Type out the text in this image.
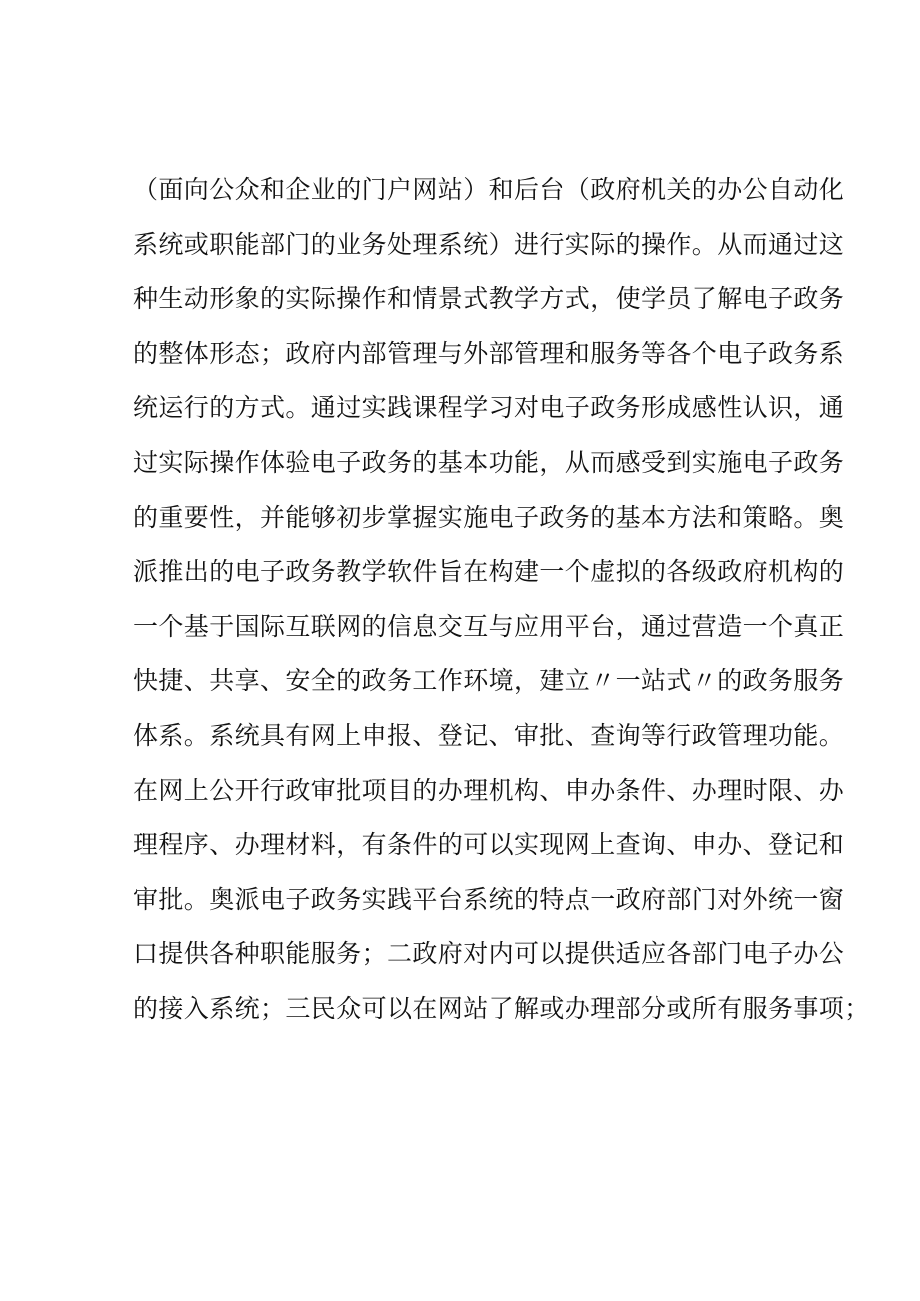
（面向公众和企业的门户网站）和后台（政府机关的办公自动化
系统或职能部门的业务处理系统）进行实际的操作。从而通过这
种生动形象的实际操作和情景式教学方式，使学员了解电子政务
的整体形态；政府内部管理与外部管理和服务等各个电子政务系
统运行的方式。通过实践课程学习对电子政务形成感性认识，通
过实际操作体验电子政务的基本功能，从而感受到实施电子政务
的重要性，并能够初步掌握实施电子政务的基本方法和策略。奥
派推出的电子政务教学软件旨在构建一个虚拟的各级政府机构的
一个基于国际互联网的信息交互与应用平台，通过营造一个真正
快捷、共享、安全的政务工作环境，建立〃一站式〃的政务服务
体系。系统具有网上申报、登记、审批、查询等行政管理功能。
在网上公开行政审批项目的办理机构、申办条件、办理时限、办
理程序、办理材料，有条件的可以实现网上查询、申办、登记和
审批。奥派电子政务实践平台系统的特点一政府部门对外统一窗
口提供各种职能服务；二政府对内可以提供适应各部门电子办公
的接入系统；三民众可以在网站了解或办理部分或所有服务事项；
